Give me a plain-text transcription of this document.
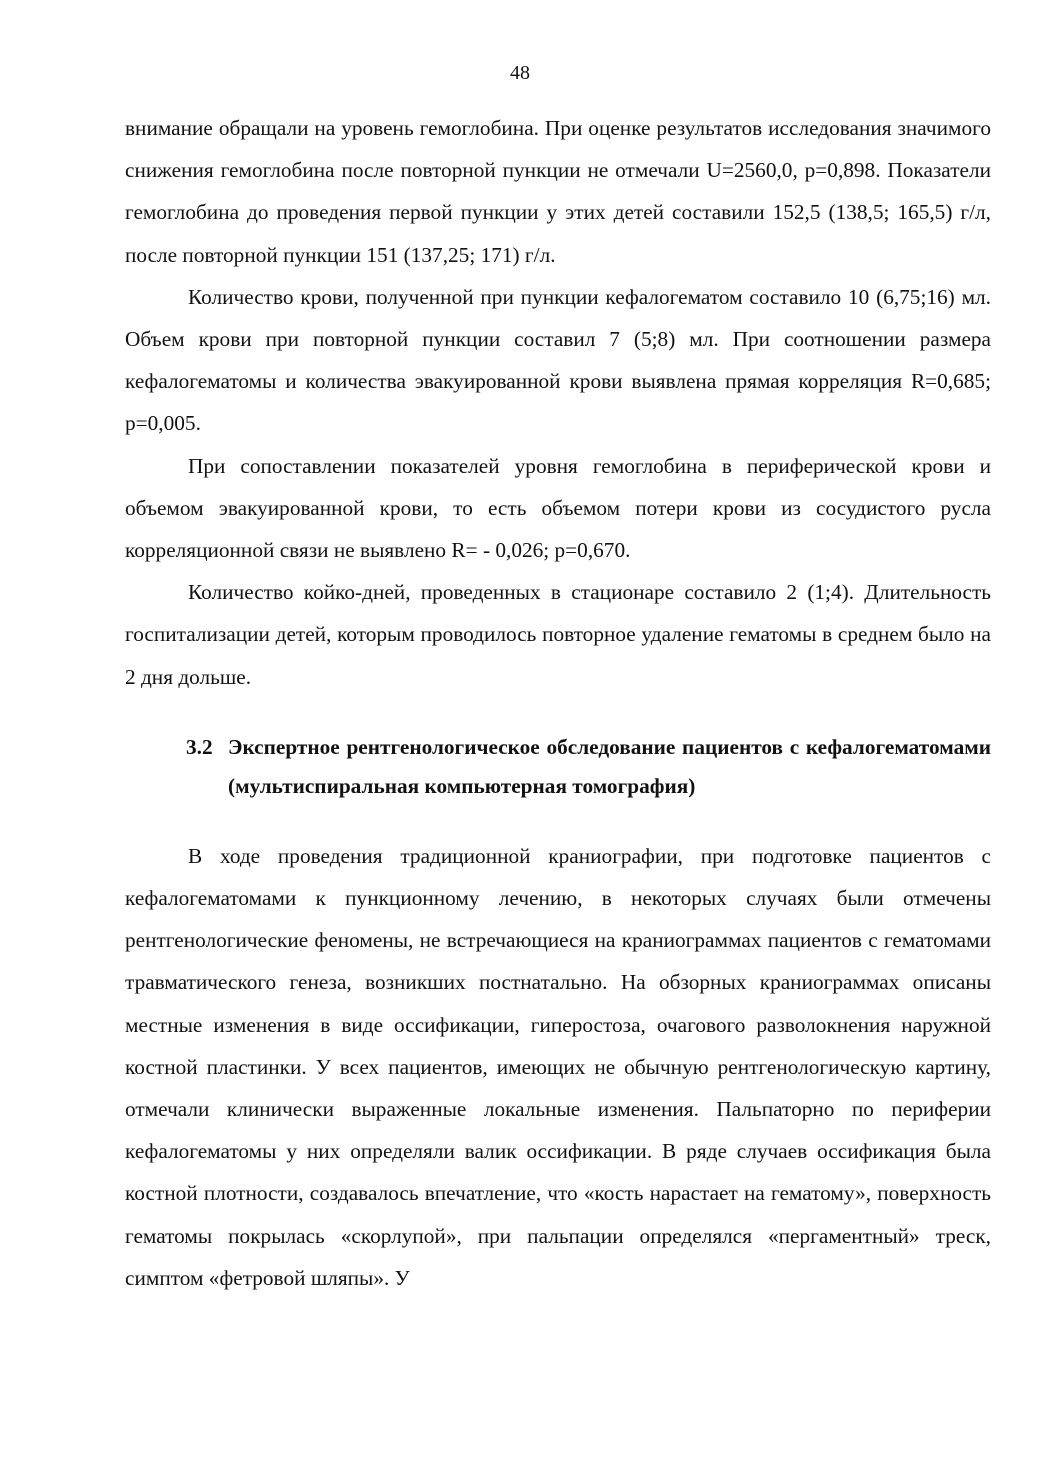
48

внимание обращали на уровень гемоглобина. При оценке результатов исследования значимого снижения гемоглобина после повторной пункции не отмечали U=2560,0, p=0,898. Показатели гемоглобина до проведения первой пункции у этих детей составили 152,5 (138,5; 165,5) г/л, после повторной пункции 151 (137,25; 171) г/л.

Количество крови, полученной при пункции кефалогематом составило 10 (6,75;16) мл. Объем крови при повторной пункции составил 7 (5;8) мл. При соотношении размера кефалогематомы и количества эвакуированной крови выявлена прямая корреляция R=0,685; p=0,005.

При сопоставлении показателей уровня гемоглобина в периферической крови и объемом эвакуированной крови, то есть объемом потери крови из сосудистого русла корреляционной связи не выявлено R= - 0,026; p=0,670.

Количество койко-дней, проведенных в стационаре составило 2 (1;4). Длительность госпитализации детей, которым проводилось повторное удаление гематомы в среднем было на 2 дня дольше.

3.2 Экспертное рентгенологическое обследование пациентов с кефалогематомами (мультиспиральная компьютерная томография)

В ходе проведения традиционной краниографии, при подготовке пациентов с кефалогематомами к пункционному лечению, в некоторых случаях были отмечены рентгенологические феномены, не встречающиеся на краниограммах пациентов с гематомами травматического генеза, возникших постнатально. На обзорных краниограммах описаны местные изменения в виде оссификации, гиперостоза, очагового разволокнения наружной костной пластинки. У всех пациентов, имеющих не обычную рентгенологическую картину, отмечали клинически выраженные локальные изменения. Пальпаторно по периферии кефалогематомы у них определяли валик оссификации. В ряде случаев оссификация была костной плотности, создавалось впечатление, что «кость нарастает на гематому», поверхность гематомы покрылась «скорлупой», при пальпации определялся «пергаментный» треск, симптом «фетровой шляпы». У
